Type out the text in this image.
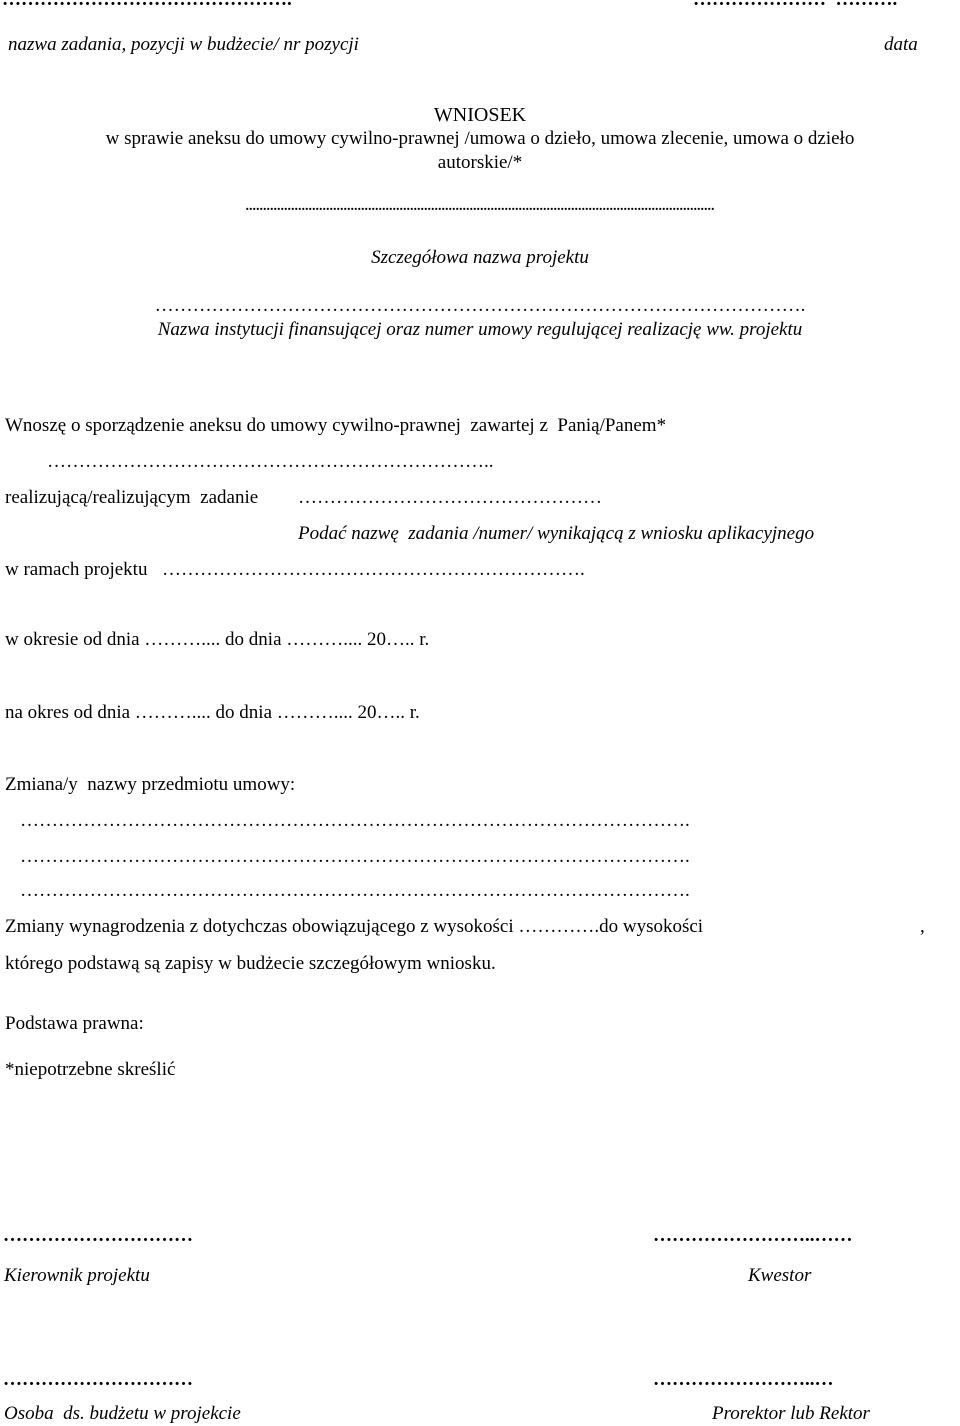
nazwa zadania, pozycji w budżecie/ nr pozycji	data
WNIOSEK
w sprawie aneksu do umowy cywilno-prawnej /umowa o dzieło, umowa zlecenie, umowa o dzieło
autorskie/*
......................................................................................................................................
Szczegółowa nazwa projektu
………………………………………………………………………………………….
Nazwa instytucji finansującej oraz numer umowy regulującej realizację ww. projektu
Wnoszę o sporządzenie aneksu do umowy cywilno-prawnej  zawartej z  Panią/Panem*
……………………………………………………………..
realizującą/realizującym  zadanie …………………………………………
Podać nazwę  zadania /numer/ wynikającą z wniosku aplikacyjnego
w ramach projektu ………………………………………………………….
w okresie od dnia ……….... do dnia ……….... 20….. r.
na okres od dnia ……….... do dnia ……….... 20….. r.
Zmiana/y  nazwy przedmiotu umowy:
…………………………………………………………………………………………….
…………………………………………………………………………………………….
…………………………………………………………………………………………….
Zmiany wynagrodzenia z dotychczas obowiązującego z wysokości ………….do wysokości	,
którego podstawą są zapisy w budżecie szczegółowym wniosku.
Podstawa prawna:
*niepotrzebne skreślić
…………………………
Kierownik projektu
……………………..……
Kwestor
…………………………
Osoba  ds. budżetu w projekcie
……………………..…
Prorektor lub Rektor
